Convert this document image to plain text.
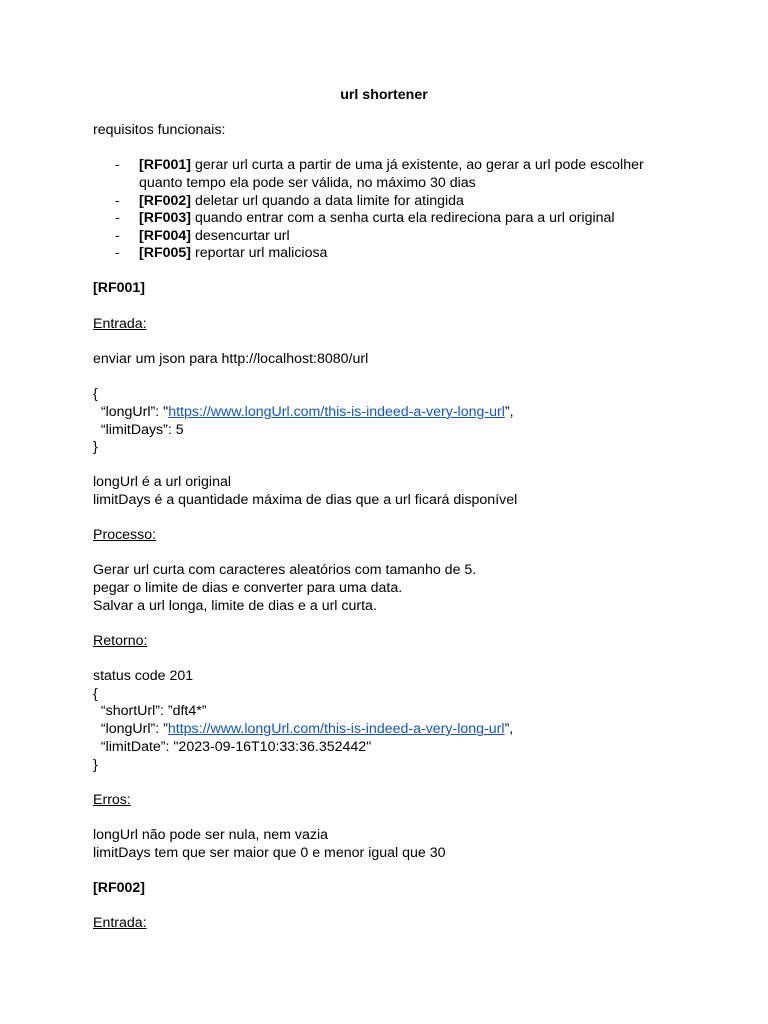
url shortener
requisitos funcionais:
- [RF001] gerar url curta a partir de uma já existente, ao gerar a url pode escolher
quanto tempo ela pode ser válida, no máximo 30 dias
- [RF002] deletar url quando a data limite for atingida
- [RF003] quando entrar com a senha curta ela redireciona para a url original
- [RF004] desencurtar url
- [RF005] reportar url maliciosa
[RF001]
Entrada:
enviar um json para http://localhost:8080/url
{
“longUrl”: "https://www.longUrl.com/this-is-indeed-a-very-long-url”,
“limitDays”: 5
}
longUrl é a url original
limitDays é a quantidade máxima de dias que a url ficará disponível
Processo:
Gerar url curta com caracteres aleatórios com tamanho de 5.
pegar o limite de dias e converter para uma data.
Salvar a url longa, limite de dias e a url curta.
Retorno:
status code 201
{
“shortUrl”: ”dft4*”
“longUrl”: ”https://www.longUrl.com/this-is-indeed-a-very-long-url”,
“limitDate”: "2023-09-16T10:33:36.352442"
}
Erros:
longUrl não pode ser nula, nem vazia
limitDays tem que ser maior que 0 e menor igual que 30
[RF002]
Entrada:
